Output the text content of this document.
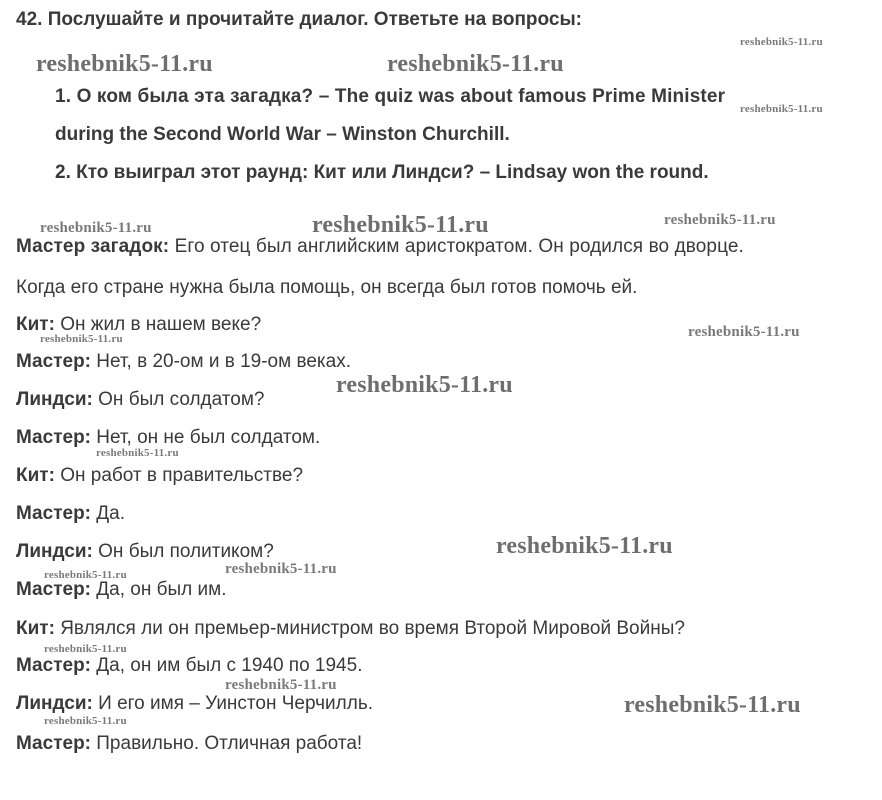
42. Послушайте и прочитайте диалог. Ответьте на вопросы:
1. О ком была эта загадка? – The quiz was about famous Prime Minister
during the Second World War – Winston Churchill.
2. Кто выиграл этот раунд: Кит или Линдси? – Lindsay won the round.
Мастер загадок: Его отец был английским аристократом. Он родился во дворце.
Когда его стране нужна была помощь, он всегда был готов помочь ей.
Кит: Он жил в нашем веке?
Мастер: Нет, в 20-ом и в 19-ом веках.
Линдси: Он был солдатом?
Мастер: Нет, он не был солдатом.
Кит: Он работ в правительстве?
Мастер: Да.
Линдси: Он был политиком?
Мастер: Да, он был им.
Кит: Являлся ли он премьер-министром во время Второй Мировой Войны?
Мастер: Да, он им был с 1940 по 1945.
Линдси: И его имя – Уинстон Черчилль.
Мастер: Правильно. Отличная работа!
reshebnik5-11.ru
reshebnik5-11.ru	reshebnik5-11.ru
reshebnik5-11.ru
reshebnik5-11.ru	reshebnik5-11.ru	reshebnik5-11.ru
reshebnik5-11.ru
reshebnik5-11.ru
reshebnik5-11.ru
reshebnik5-11.ru
reshebnik5-11.ru
reshebnik5-11.ru	reshebnik5-11.ru
reshebnik5-11.ru
reshebnik5-11.ru
reshebnik5-11.ru
reshebnik5-11.ru
